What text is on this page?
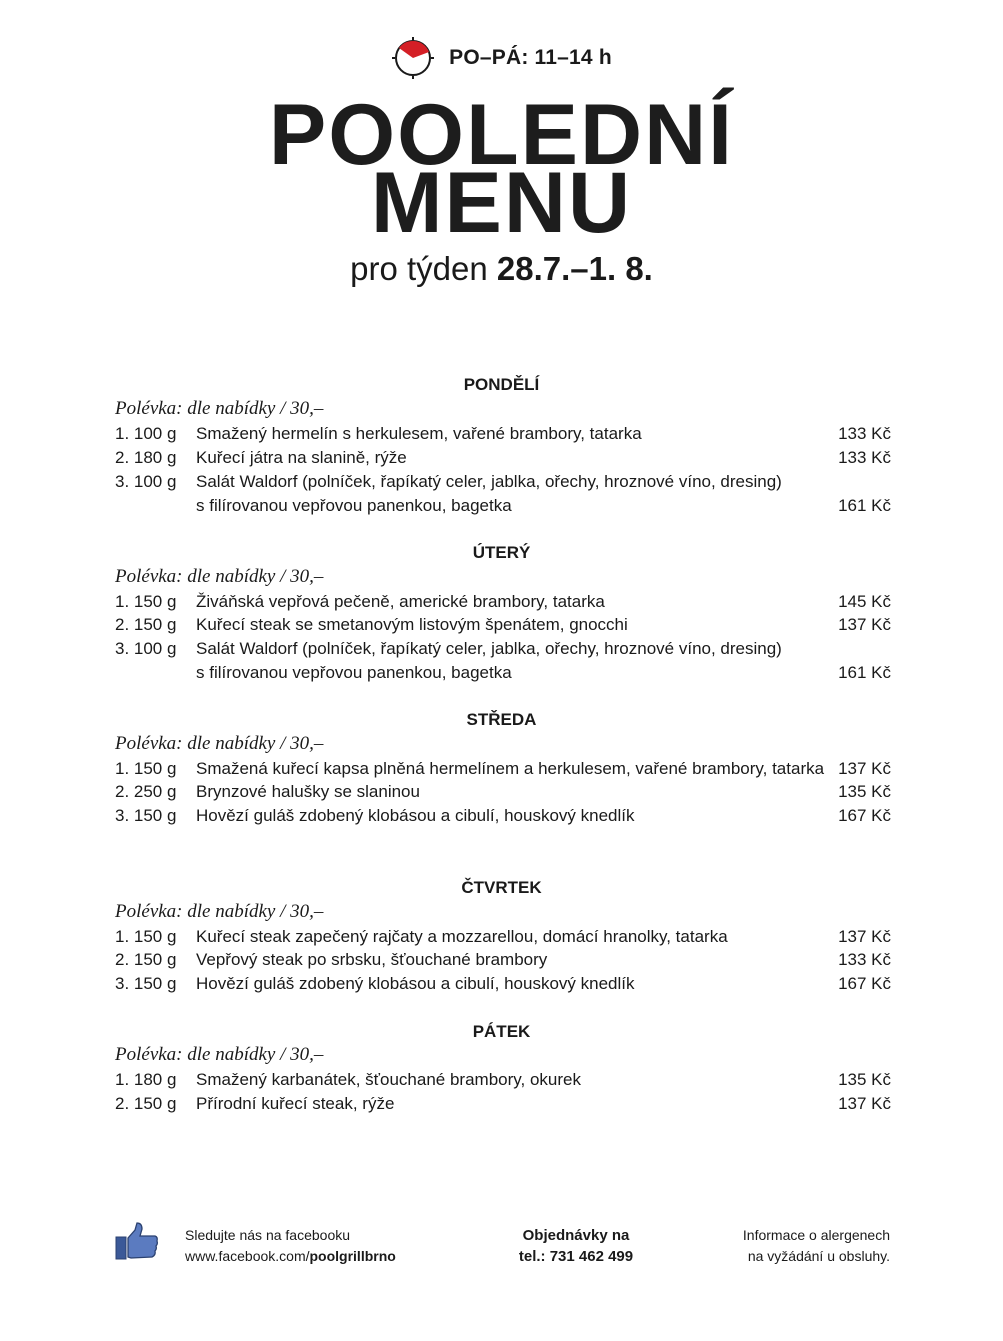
PO–PÁ: 11–14 h
POOLEDNÍ
MENU
pro týden 28.7.–1. 8.
PONDĚLÍ
Polévka: dle nabídky / 30,–
1. 100 g Smažený hermelín s herkulesem, vařené brambory, tatarka	133 Kč
2. 180 g Kuřecí játra na slanině, rýže	133 Kč
3. 100 g Salát Waldorf (polníček, řapíkatý celer, jablka, ořechy, hroznové víno, dresing)
s filírovanou vepřovou panenkou, bagetka	161 Kč
ÚTERÝ
Polévka: dle nabídky / 30,–
1. 150 g Živáňská vepřová pečeně, americké brambory, tatarka	145 Kč
2. 150 g Kuřecí steak se smetanovým listovým špenátem, gnocchi	137 Kč
3. 100 g Salát Waldorf (polníček, řapíkatý celer, jablka, ořechy, hroznové víno, dresing)
s filírovanou vepřovou panenkou, bagetka	161 Kč
STŘEDA
Polévka: dle nabídky / 30,–
1. 150 g Smažená kuřecí kapsa plněná hermelínem a herkulesem, vařené brambory, tatarka 137 Kč
2. 250 g Brynzové halušky se slaninou	135 Kč
3. 150 g Hovězí guláš zdobený klobásou a cibulí, houskový knedlík	167 Kč
ČTVRTEK
Polévka: dle nabídky / 30,–
1. 150 g Kuřecí steak zapečený rajčaty a mozzarellou, domácí hranolky, tatarka	137 Kč
2. 150 g Vepřový steak po srbsku, šťouchané brambory	133 Kč
3. 150 g Hovězí guláš zdobený klobásou a cibulí, houskový knedlík	167 Kč
PÁTEK
Polévka: dle nabídky / 30,–
1. 180 g Smažený karbanátek, šťouchané brambory, okurek	135 Kč
2. 150 g Přírodní kuřecí steak, rýže	137 Kč
Sledujte nás na facebooku
www.facebook.com/poolgrillbrno
Objednávky na
tel.: 731 462 499
Informace o alergenech
na vyžádání u obsluhy.
